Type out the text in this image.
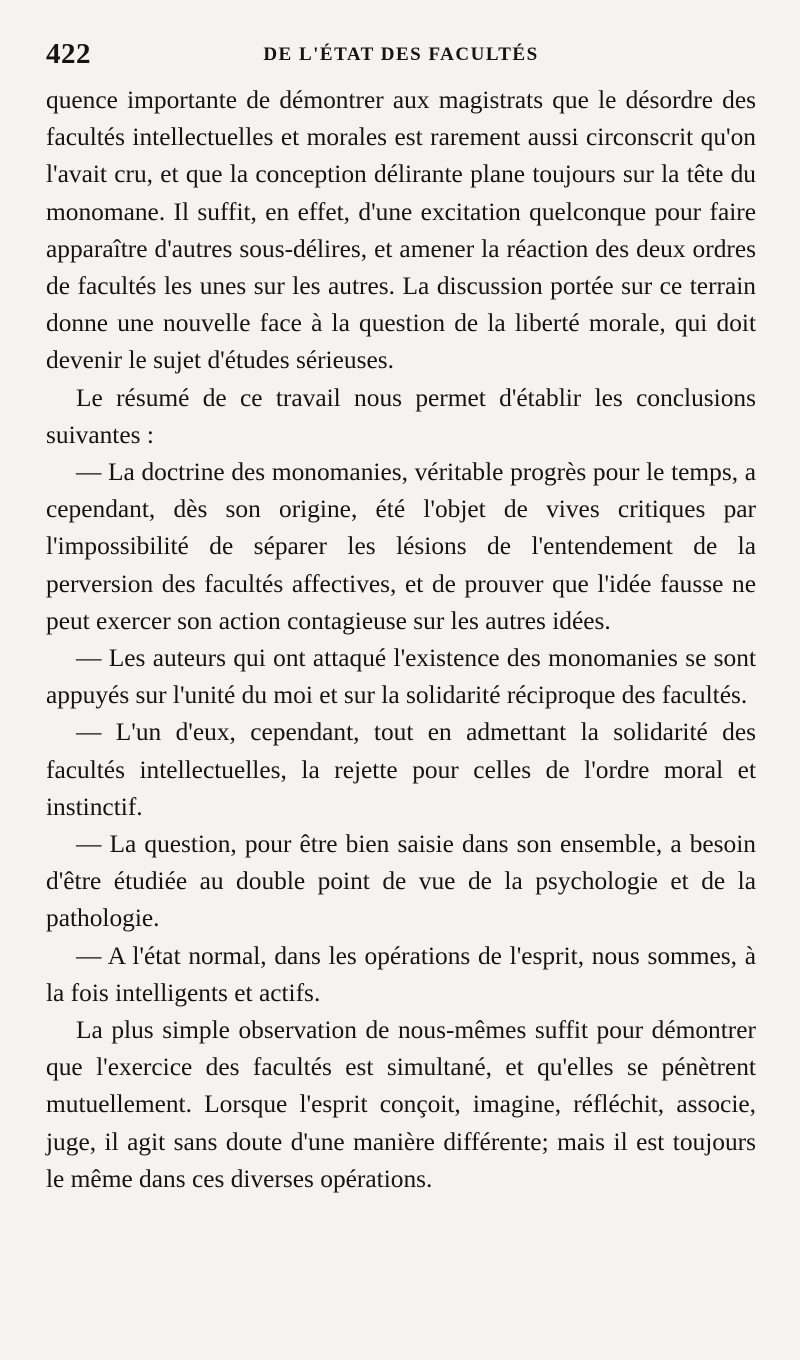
422	DE L'ÉTAT DES FACULTÉS

quence importante de démontrer aux magistrats que le désordre des facultés intellectuelles et morales est rarement aussi circonscrit qu'on l'avait cru, et que la conception délirante plane toujours sur la tête du monomane. Il suffit, en effet, d'une excitation quelconque pour faire apparaître d'autres sous-délires, et amener la réaction des deux ordres de facultés les unes sur les autres. La discussion portée sur ce terrain donne une nouvelle face à la question de la liberté morale, qui doit devenir le sujet d'études sérieuses.

Le résumé de ce travail nous permet d'établir les conclusions suivantes :

— La doctrine des monomanies, véritable progrès pour le temps, a cependant, dès son origine, été l'objet de vives critiques par l'impossibilité de séparer les lésions de l'entendement de la perversion des facultés affectives, et de prouver que l'idée fausse ne peut exercer son action contagieuse sur les autres idées.

— Les auteurs qui ont attaqué l'existence des monomanies se sont appuyés sur l'unité du moi et sur la solidarité réciproque des facultés.

— L'un d'eux, cependant, tout en admettant la solidarité des facultés intellectuelles, la rejette pour celles de l'ordre moral et instinctif.

— La question, pour être bien saisie dans son ensemble, a besoin d'être étudiée au double point de vue de la psychologie et de la pathologie.

— A l'état normal, dans les opérations de l'esprit, nous sommes, à la fois intelligents et actifs.

La plus simple observation de nous-mêmes suffit pour démontrer que l'exercice des facultés est simultané, et qu'elles se pénètrent mutuellement. Lorsque l'esprit conçoit, imagine, réfléchit, associe, juge, il agit sans doute d'une manière différente; mais il est toujours le même dans ces diverses opérations.
